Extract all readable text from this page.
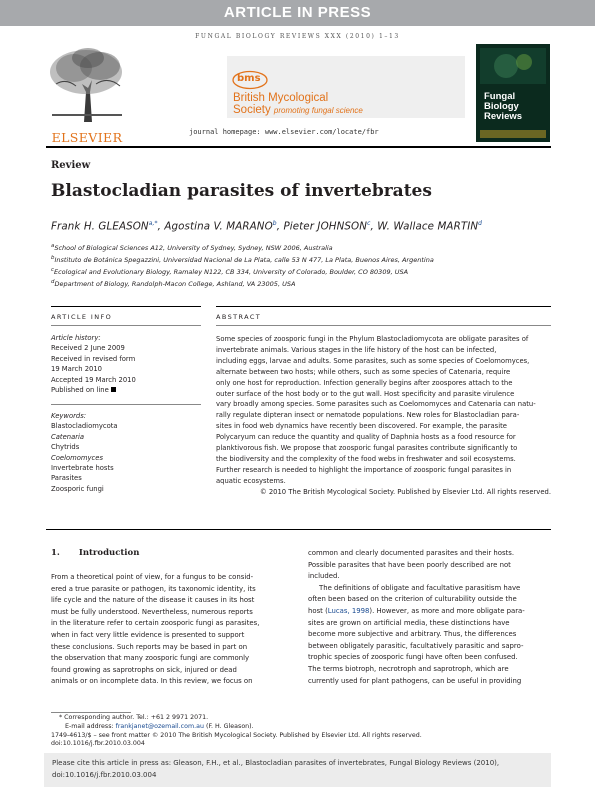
ARTICLE IN PRESS
FUNGAL BIOLOGY REVIEWS XXX (2010) 1–13
ELSEVIER
bms
British Mycological
Society promoting fungal science
journal homepage: www.elsevier.com/locate/fbr
Fungal
Biology
Reviews
Review
Blastocladian parasites of invertebrates
Frank H. $GLEASON^{a,*}$, Agostina V. MARANO$^b$, Pieter JOHNSON$^c$, W. Wallace MARTIN$^d$
$^a$School of Biological Sciences A12, University of Sydney, Sydney, NSW 2006, Australia
$^b$Instituto de Botánica Spegazzini, Universidad Nacional de La Plata, calle 53 N 477, La Plata, Buenos Aires, Argentina
$^c$Ecological and Evolutionary Biology, Ramaley N122, CB 334, University of Colorado, Boulder, CO 80309, USA
$^d$Department of Biology, Randolph-Macon College, Ashland, VA 23005, USA
ARTICLE INFO	ABSTRACT
Article history:
Received 2 June 2009
Received in revised form
19 March 2010
Accepted 19 March 2010
Published on line
Keywords:
Blastocladiomycota
Catenaria
Chytrids
Coelomomyces
Invertebrate hosts
Parasites
Zoosporic fungi
Some species of zoosporic fungi in the Phylum Blastocladiomycota are obligate parasites of
invertebrate animals. Various stages in the life history of the host can be infected,
including eggs, larvae and adults. Some parasites, such as some species of Coelomomyces,
alternate between two hosts; while others, such as some species of Catenaria, require
only one host for reproduction. Infection generally begins after zoospores attach to the
outer surface of the host body or to the gut wall. Host specificity and parasite virulence
vary broadly among species. Some parasites such as Coelomomyces and Catenaria can natu-
rally regulate dipteran insect or nematode populations. New roles for Blastocladian para-
sites in food web dynamics have recently been discovered. For example, the parasite
Polycaryum can reduce the quantity and quality of Daphnia hosts as a food resource for
planktivorous fish. We propose that zoosporic fungal parasites contribute significantly to
the biodiversity and the complexity of the food webs in freshwater and soil ecosystems.
Further research is needed to highlight the importance of zoosporic fungal parasites in
aquatic ecosystems.
© 2010 The British Mycological Society. Published by Elsevier Ltd. All rights reserved.
1. Introduction
From a theoretical point of view, for a fungus to be consid-
ered a true parasite or pathogen, its taxonomic identity, its
life cycle and the nature of the disease it causes in its host
must be fully understood. Nevertheless, numerous reports
in the literature refer to certain zoosporic fungi as parasites,
when in fact very little evidence is presented to support
these conclusions. Such reports may be based in part on
the observation that many zoosporic fungi are commonly
found growing as saprotrophs on sick, injured or dead
animals or on incomplete data. In this review, we focus on
common and clearly documented parasites and their hosts.
Possible parasites that have been poorly described are not
included.
The definitions of obligate and facultative parasitism have
often been based on the criterion of culturability outside the
host (Lucas, 1998). However, as more and more obligate para-
sites are grown on artificial media, these distinctions have
become more subjective and arbitrary. Thus, the differences
between obligately parasitic, facultatively parasitic and sapro-
trophic species of zoosporic fungi have often been confused.
The terms biotroph, necrotroph and saprotroph, which are
currently used for plant pathogens, can be useful in providing
* Corresponding author. Tel.: +61 2 9971 2071.
E-mail address: frankjanet@ozemail.com.au (F. H. Gleason).
1749-4613/$ – see front matter © 2010 The British Mycological Society. Published by Elsevier Ltd. All rights reserved.
doi:10.1016/j.fbr.2010.03.004
Please cite this article in press as: Gleason, F.H., et al., Blastocladian parasites of invertebrates, Fungal Biology Reviews (2010),
doi:10.1016/j.fbr.2010.03.004
